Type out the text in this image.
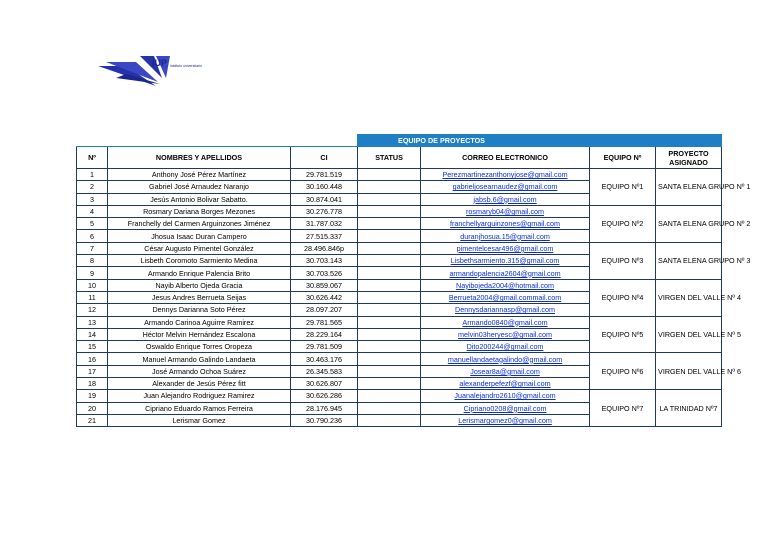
IUP instituto universitario
			EQUIPO DE PROYECTOS			
Nº	NOMBRES Y APELLIDOS	CI	STATUS	CORREO ELECTRONICO	EQUIPO Nº	PROYECTO ASIGNADO
1	Anthony José Pérez Martínez	29.781.519		Perezmartinezanthonyjose@gmail.com	EQUIPO Nº1	SANTA ELENA GRUPO Nº 1
2	Gabriel José Arnaudez Naranjo	30.160.448		gabrieljosearnaudez@gmail.com		
3	Jesús Antonio Bolivar Sabatto.	30.874.041		jabsb.6@gmail.com		
4	Rosmary Dariana Borges Mezones	30.276.778		rosmaryb04@gmail.com	EQUIPO Nº2	SANTA ELENA GRUPO Nº 2
5	Franchelly del Carmen Arguinzones Jiménez	31.787.032		franchellyarguinzones@gmail.com		
6	Jhosua Isaac Duran Campero	27.515.337		duranjhosua.15@gmail.com		
7	César Augusto Pimentel González	28.496.846p		pimentelcesar496@gmail.com	EQUIPO Nº3	SANTA ELENA GRUPO Nº 3
8	Lisbeth Coromoto Sarmiento Medina	30.703.143		Lisbethsarmiento.315@gmail.com		
9	Armando Enrique Palencia Brito	30.703.526		armandopalencia2604@gmail.com		
10	Nayib Alberto Ojeda Gracia	30.859.067		Nayibojeda2004@hotmail.com	EQUIPO Nº4	VIRGEN DEL VALLE Nº 4
11	Jesus Andres Berrueta Seijas	30.626.442		Berrueta2004@gmail.commail.com		
12	Dennys Darianna Soto Pérez	28.097.207		Dennysdariannasp@gmail.com		
13	Armando Carinoa Aguirre Ramirez	29.781.565		Armando0840@gmail.com	EQUIPO Nº5	VIRGEN DEL VALLE Nº 5
14	Héctor Melvin Hernández Escalona	28.229.164		melvin03heryesc@gmail.com		
15	Oswaldo Enrique Torres Oropeza	29.781.509		Dito200244@gmail.com		
16	Manuel Armando Galindo Landaeta	30.463.176		manuellandaetagalindo@gmail.com	EQUIPO Nº6	VIRGEN DEL VALLE Nº 6
17	José Armando Ochoa Suárez	26.345.583		Josear8a@gmail.com		
18	Alexander de Jesús Pérez fitt	30.626.807		alexanderpefezf@gmail.com		
19	Juan Alejandro Rodriguez Ramirez	30.626.286		Juanalejandro2610@gmail.com	EQUIPO Nº7	LA TRINIDAD Nº7
20	Cipriano Eduardo Ramos Ferreira	28.176.945		Cipriano0208@gmail.com		
21	Lerismar Gomez	30.790.236		Lerismargomez0@gmail.com		
